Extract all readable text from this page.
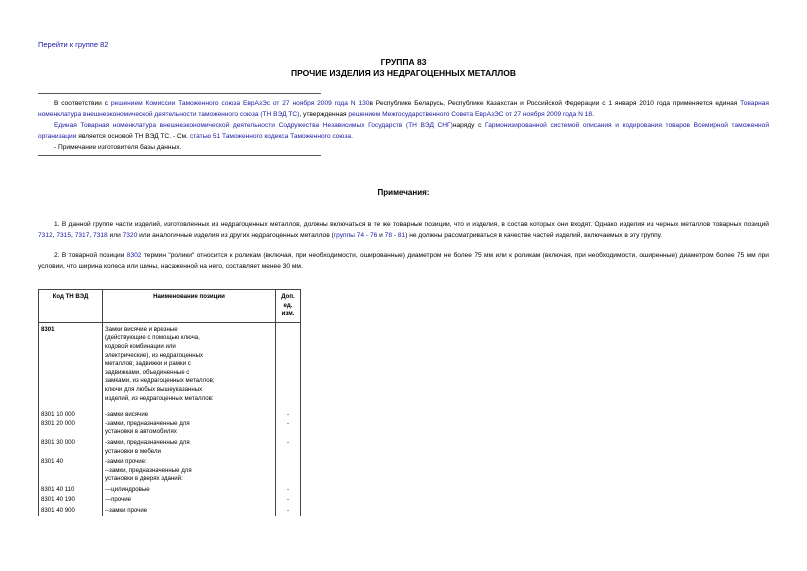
Перейти к группе 82
ГРУППА 83
ПРОЧИЕ ИЗДЕЛИЯ ИЗ НЕДРАГОЦЕННЫХ МЕТАЛЛОВ

В соответствии с решением Комиссии Таможенного союза ЕврАзЭс от 27 ноября 2009 года N 130в Республике Беларусь, Республике Казахстан и Российской Федерации с 1 января 2010 года применяется единая Товарная номенклатура внешнеэкономической деятельности таможенного союза (ТН ВЭД ТС), утвержденная решением Межгосударственного Совета ЕврАзЭС от 27 ноября 2009 года N 18.

Единая Товарная номенклатура внешнеэкономической деятельности Содружества Независимых Государств (ТН ВЭД СНГ)наряду с Гармонизированной системой описания и кодирования товаров Всемирной таможенной организации является основой ТН ВЭД ТС. - См. статью 51 Таможенного кодекса Таможенного союза.

- Примечание изготовителя базы данных.

Примечания:

1. В данной группе части изделий, изготовленных из недрагоценных металлов, должны включаться в те же товарные позиции, что и изделия, в состав которых они входят. Однако изделия из черных металлов товарных позиций 7312, 7315, 7317, 7318 или 7320 или аналогичные изделия из других недрагоценных металлов (группы 74 - 76 и 78 - 81) не должны рассматриваться в качестве частей изделий, включаемых в эту группу.

2. В товарной позиции 8302 термин "ролики" относится к роликам (включая, при необходимости, ошированные) диаметром не более 75 мм или к роликам (включая, при необходимости, оширенные) диаметром более 75 мм при условии, что ширина колеса или шины, насаженной на него, составляет менее 30 мм.

Код ТН ВЭД	Наименование позиции	Доп. ед. изм.
8301	Замки висячие и врезные (действующие с помощью ключа, кодовой комбинации или электрические), из недрагоценных металлов; задвижки и рамки с задвижками, объединенные с замками, из недрагоценных металлов; ключи для любых вышеуказанных изделий, из недрагоценных металлов:	
8301 10 000	-замки висячие	-
8301 20 000	-замки, предназначенные для установки в автомобилях	-
8301 30 000	-замки, предназначенные для установки в мебели	-
8301 40	-замки прочие:	
	--замки, предназначенные для установки в дверях зданий:	
8301 40 110	---цилиндровые	-
8301 40 190	---прочие	-
8301 40 900	--замки прочие	-
